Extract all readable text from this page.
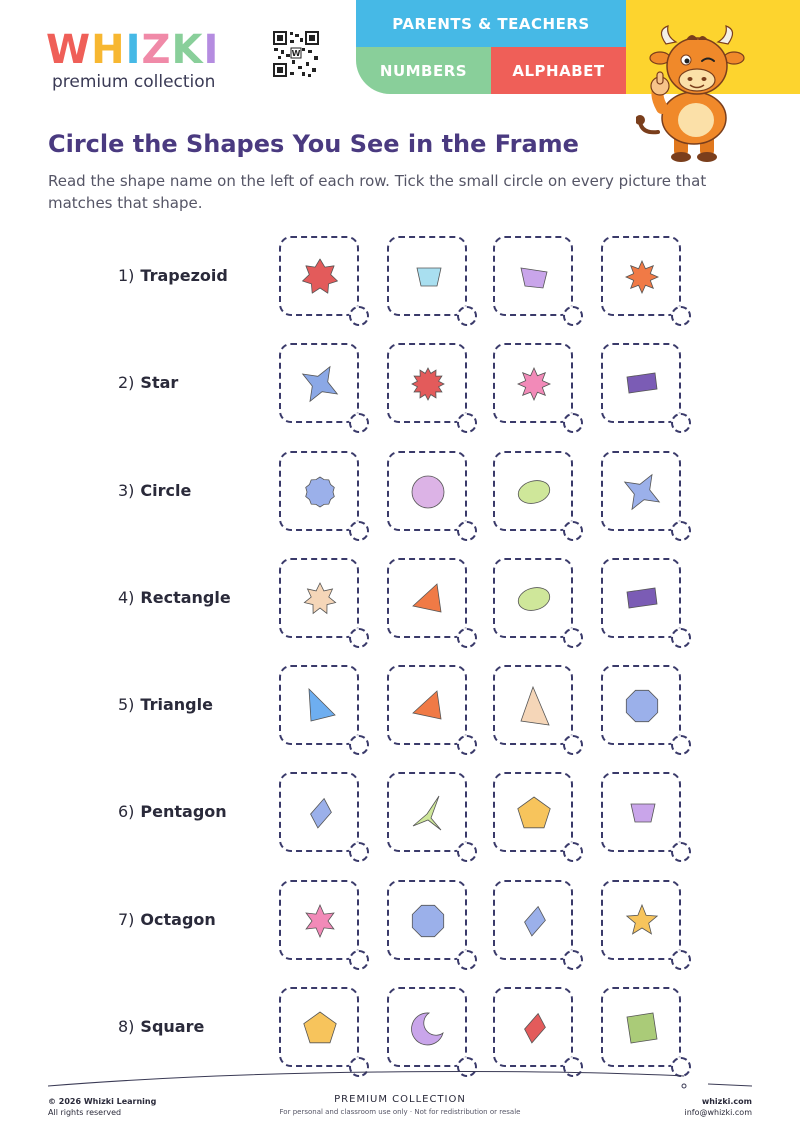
WHIZKI
premium collection
W
PARENTS & TEACHERS
NUMBERS	ALPHABET
Circle the Shapes You See in the Frame
Read the shape name on the left of each row. Tick the small circle on every picture that matches that shape.
1) Trapezoid
2) Star
3) Circle
4) Rectangle
5) Triangle
6) Pentagon
7) Octagon
8) Square
© 2026 Whizki Learning
All rights reserved
PREMIUM COLLECTION
For personal and classroom use only · Not for redistribution or resale
whizki.com
info@whizki.com
